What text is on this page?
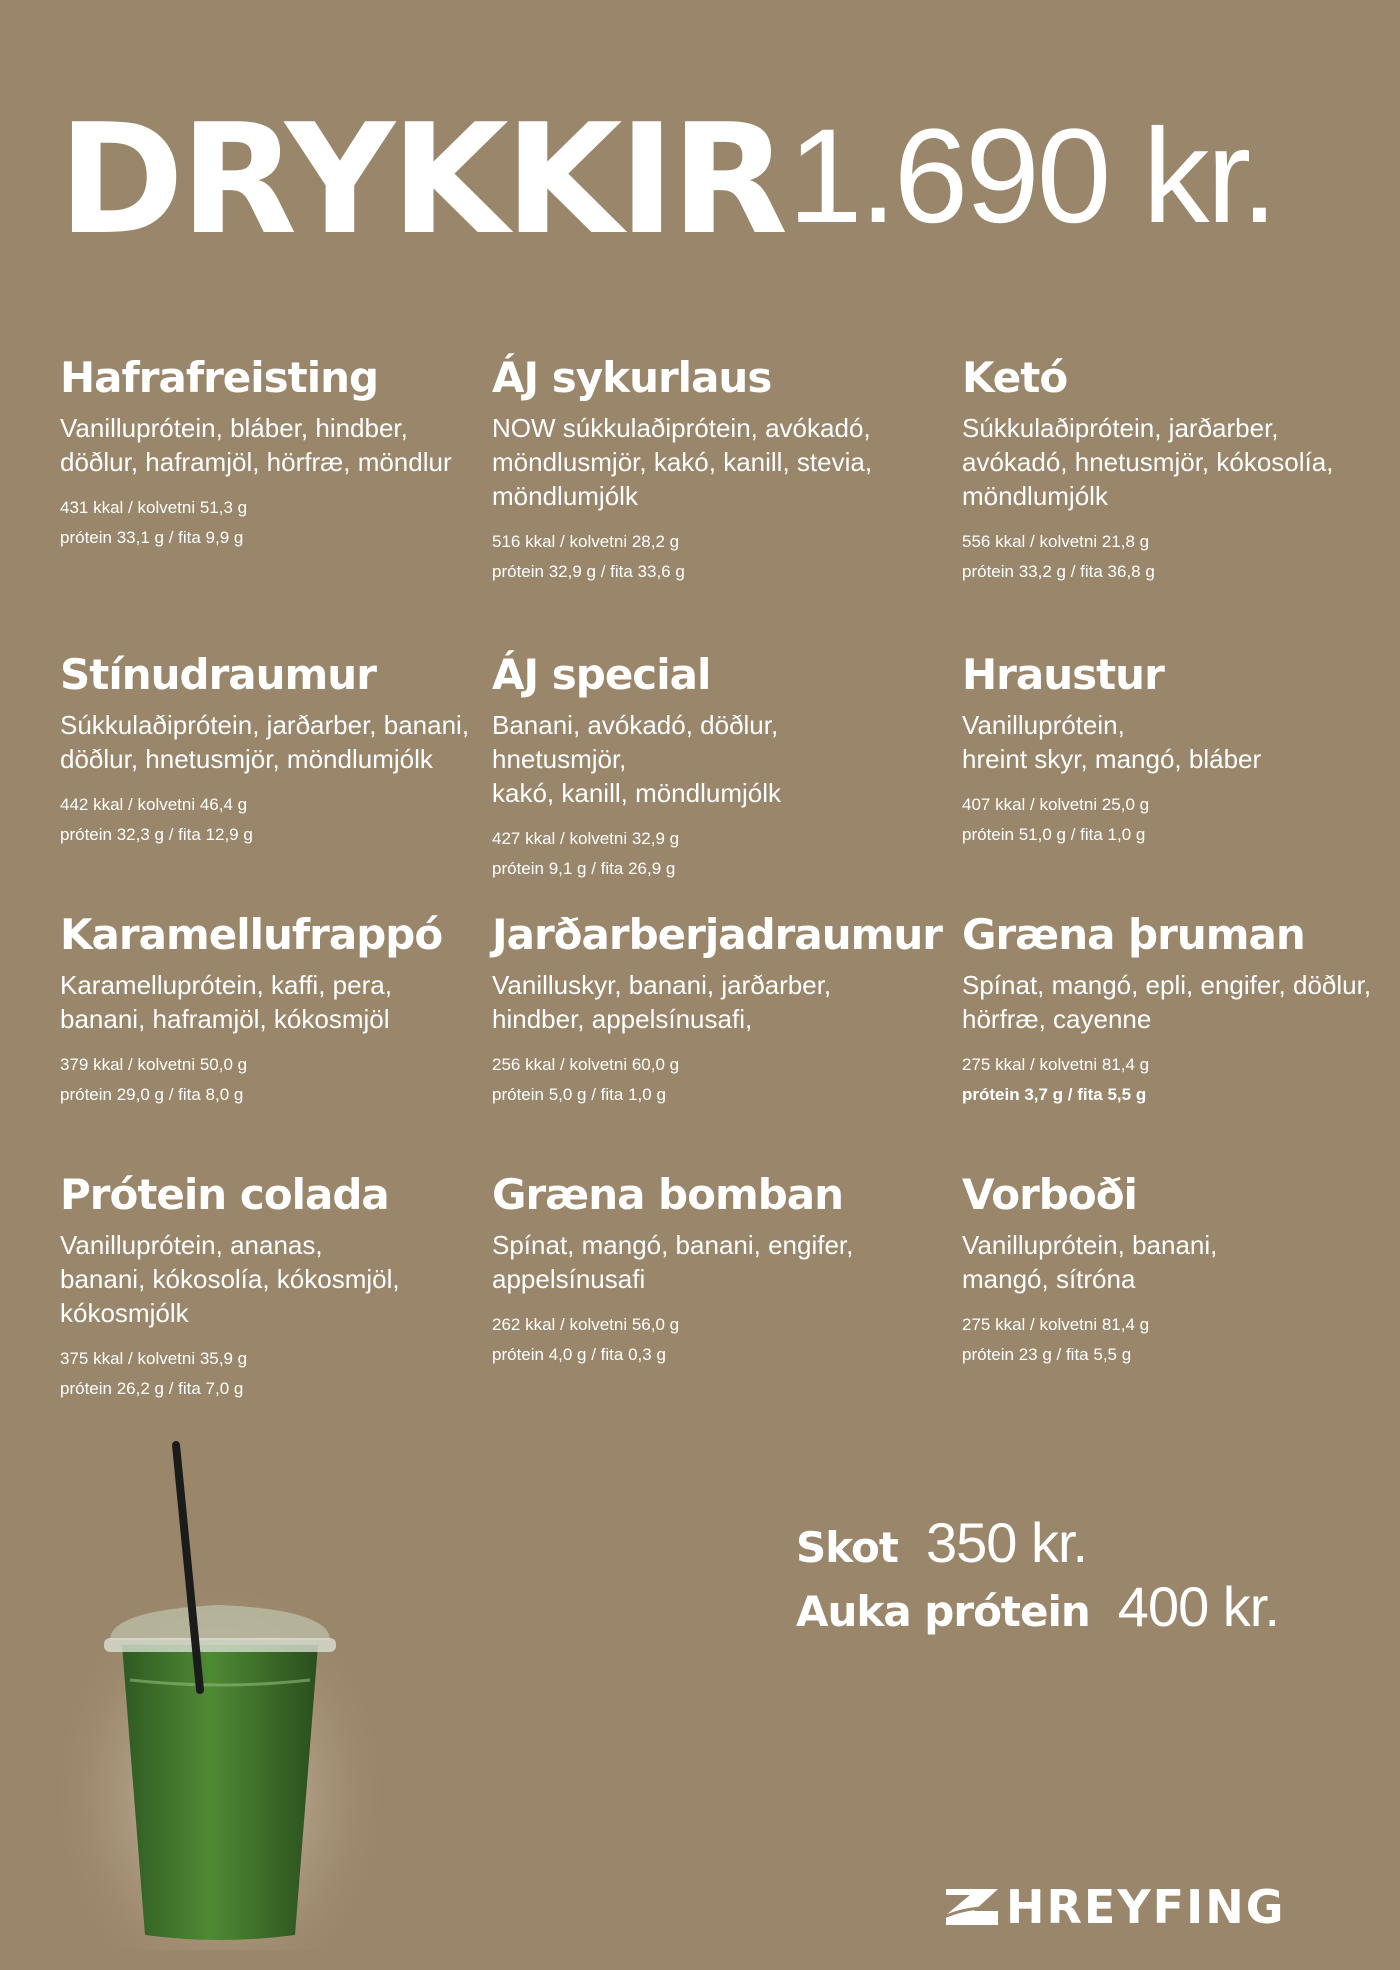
DRYKKIR 1.690 kr.
Hafrafreisting
Vanilluprótein, bláber, hindber,
döðlur, haframjöl, hörfræ, möndlur
431 kkal / kolvetni 51,3 g
prótein 33,1 g / fita 9,9 g
ÁJ sykurlaus
NOW súkkulaðiprótein, avókadó,
möndlusmjör, kakó, kanill, stevia,
möndlumjólk
516 kkal / kolvetni 28,2 g
prótein 32,9 g / fita 33,6 g
Ketó
Súkkulaðiprótein, jarðarber,
avókadó, hnetusmjör, kókosolía,
möndlumjólk
556 kkal / kolvetni 21,8 g
prótein 33,2 g / fita 36,8 g
Stínudraumur
Súkkulaðiprótein, jarðarber, banani,
döðlur, hnetusmjör, möndlumjólk
442 kkal / kolvetni 46,4 g
prótein 32,3 g / fita 12,9 g
ÁJ special
Banani, avókadó, döðlur, hnetusmjör,
kakó, kanill, möndlumjólk
427 kkal / kolvetni 32,9 g
prótein 9,1 g / fita 26,9 g
Hraustur
Vanilluprótein,
hreint skyr, mangó, bláber
407 kkal / kolvetni 25,0 g
prótein 51,0 g / fita 1,0 g
Karamellufrappó
Karamelluprótein, kaffi, pera,
banani, haframjöl, kókosmjöl
379 kkal / kolvetni 50,0 g
prótein 29,0 g / fita 8,0 g
Jarðarberjadraumur
Vanilluskyr, banani, jarðarber,
hindber, appelsínusafi,
256 kkal / kolvetni 60,0 g
prótein 5,0 g / fita 1,0 g
Græna þruman
Spínat, mangó, epli, engifer, döðlur,
hörfræ, cayenne
275 kkal / kolvetni 81,4 g
prótein 3,7 g / fita 5,5 g
Prótein colada
Vanilluprótein, ananas,
banani, kókosolía, kókosmjöl,
kókosmjólk
375 kkal / kolvetni 35,9 g
prótein 26,2 g / fita 7,0 g
Græna bomban
Spínat, mangó, banani, engifer,
appelsínusafi
262 kkal / kolvetni 56,0 g
prótein 4,0 g / fita 0,3 g
Vorboði
Vanilluprótein, banani,
mangó, sítróna
275 kkal / kolvetni 81,4 g
prótein 23 g / fita 5,5 g
Skot 350 kr.
Auka prótein 400 kr.
HREYFING
